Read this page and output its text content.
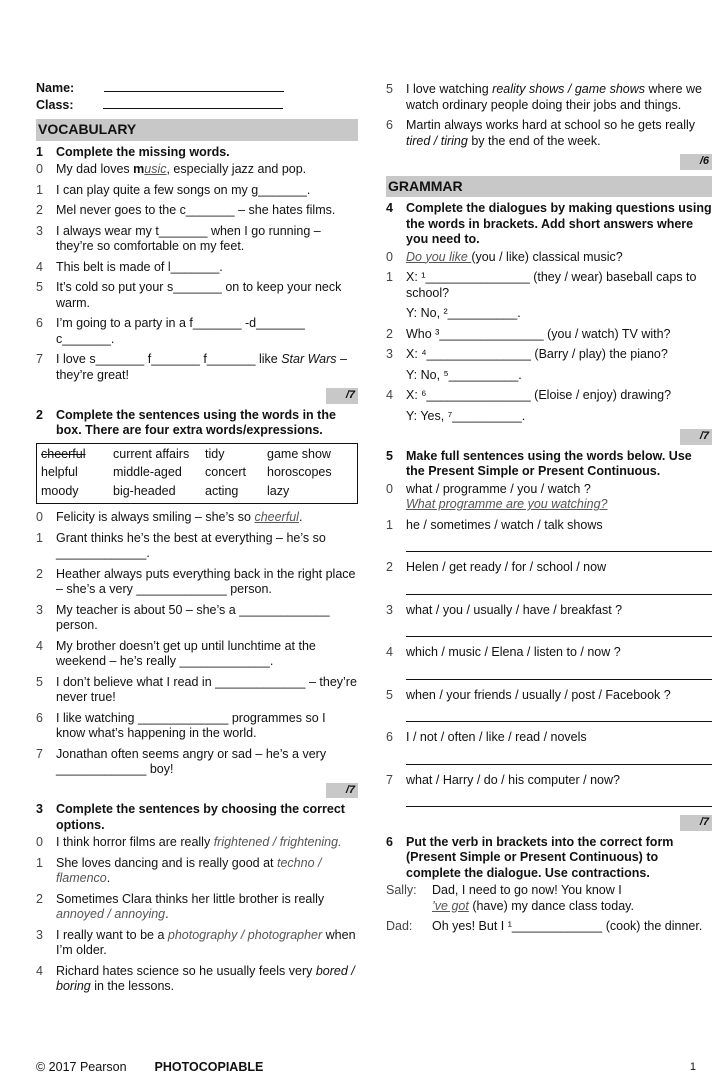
Name:
Class:
VOCABULARY
1	Complete the missing words.
0	My dad loves music, especially jazz and pop.
1	I can play quite a few songs on my g_______.
2	Mel never goes to the c_______ – she hates films.
3	I always wear my t_______ when I go running – they’re so comfortable on my feet.
4	This belt is made of l_______.
5	It’s cold so put your s_______ on to keep your neck warm.
6	I’m going to a party in a f_______ -d_______ c_______.
7	I love s_______ f_______ f_______ like Star Wars – they’re great!
/7
2	Complete the sentences using the words in the box. There are four extra words/expressions.
cheerful	current affairs	tidy	game show
helpful	middle-aged	concert	horoscopes
moody	big-headed	acting	lazy
0	Felicity is always smiling – she’s so cheerful.
1	Grant thinks he’s the best at everything – he’s so _____________.
2	Heather always puts everything back in the right place – she’s a very _____________ person.
3	My teacher is about 50 – she’s a _____________ person.
4	My brother doesn’t get up until lunchtime at the weekend – he’s really _____________.
5	I don’t believe what I read in _____________ – they’re never true!
6	I like watching _____________ programmes so I know what’s happening in the world.
7	Jonathan often seems angry or sad – he’s a very _____________ boy!
/7
3	Complete the sentences by choosing the correct options.
0	I think horror films are really frightened / frightening.
1	She loves dancing and is really good at techno / flamenco.
2	Sometimes Clara thinks her little brother is really annoyed / annoying.
3	I really want to be a photography / photographer when I’m older.
4	Richard hates science so he usually feels very bored / boring in the lessons.
5	I love watching reality shows / game shows where we watch ordinary people doing their jobs and things.
6	Martin always works hard at school so he gets really tired / tiring by the end of the week.
/6
GRAMMAR
4	Complete the dialogues by making questions using the words in brackets. Add short answers where you need to.
0	Do you like (you / like) classical music?
1	X: ¹_______________ (they / wear) baseball caps to school?
Y: No, ²__________.
2	Who ³_______________ (you / watch) TV with?
3	X: ⁴_______________ (Barry / play) the piano?
Y: No, ⁵__________.
4	X: ⁶_______________ (Eloise / enjoy) drawing?
Y: Yes, ⁷__________.
/7
5	Make full sentences using the words below. Use the Present Simple or Present Continuous.
0	what / programme / you / watch ?
What programme are you watching?
1	he / sometimes / watch / talk shows
2	Helen / get ready / for / school / now
3	what / you / usually / have / breakfast ?
4	which / music / Elena / listen to / now ?
5	when / your friends / usually / post / Facebook ?
6	I / not / often / like / read / novels
7	what / Harry / do / his computer / now?
/7
6	Put the verb in brackets into the correct form (Present Simple or Present Continuous) to complete the dialogue. Use contractions.
Sally:	Dad, I need to go now! You know I
’ve got (have) my dance class today.
Dad:	Oh yes! But I ¹_____________ (cook) the dinner.
© 2017 Pearson PHOTOCOPIABLE	1
